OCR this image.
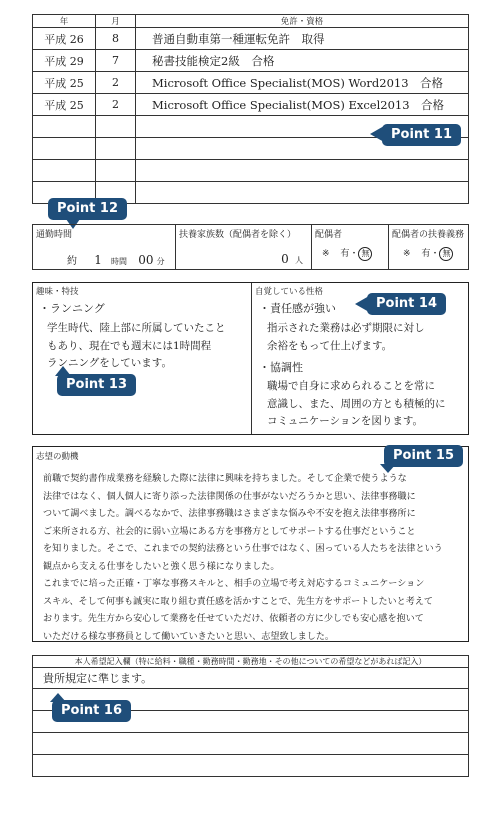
年	月	免許・資格
平成 26	8	普通自動車第一種運転免許　取得
平成 29	7	秘書技能検定2級　合格
平成 25	2	Microsoft Office Specialist(MOS) Word2013　合格
平成 25	2	Microsoft Office Specialist(MOS) Excel2013　合格

Point 11
Point 12
通勤時間
約 1 時間 00 分

扶養家族数（配偶者を除く）
0 人

配偶者
※ 有・ 無

配偶者の扶養義務
※ 有・ 無
趣味・特技
・ランニング
学生時代、陸上部に所属していたこと
もあり、現在でも週末には1時間程
ランニングをしています。
自覚している性格
・責任感が強い
指示された業務は必ず期限に対し
余裕をもって仕上げます。
・協調性
職場で自身に求められることを常に
意識し、また、周囲の方とも積極的に
コミュニケーションを図ります。
Point 14
Point 13
志望の動機
前職で契約書作成業務を経験した際に法律に興味を持ちました。そして企業で使うような
法律ではなく、個人個人に寄り添った法律関係の仕事がないだろうかと思い、法律事務職に
ついて調べました。調べるなかで、法律事務職はさまざまな悩みや不安を抱え法律事務所に
ご来所される方、社会的に弱い立場にある方を事務方としてサポートする仕事だということ
を知りました。そこで、これまでの契約法務という仕事ではなく、困っている人たちを法律という
観点から支える仕事をしたいと強く思う様になりました。
これまでに培った正確・丁寧な事務スキルと、相手の立場で考え対応するコミュニケーション
スキル、そして何事も誠実に取り組む責任感を活かすことで、先生方をサポートしたいと考えて
おります。先生方から安心して業務を任せていただけ、依頼者の方に少しでも安心感を抱いて
いただける様な事務員として働いていきたいと思い、志望致しました。
Point 15
本人希望記入欄（特に給料・職種・勤務時間・勤務地・その他についての希望などがあれば記入）
貴所規定に準じます。

Point 16
